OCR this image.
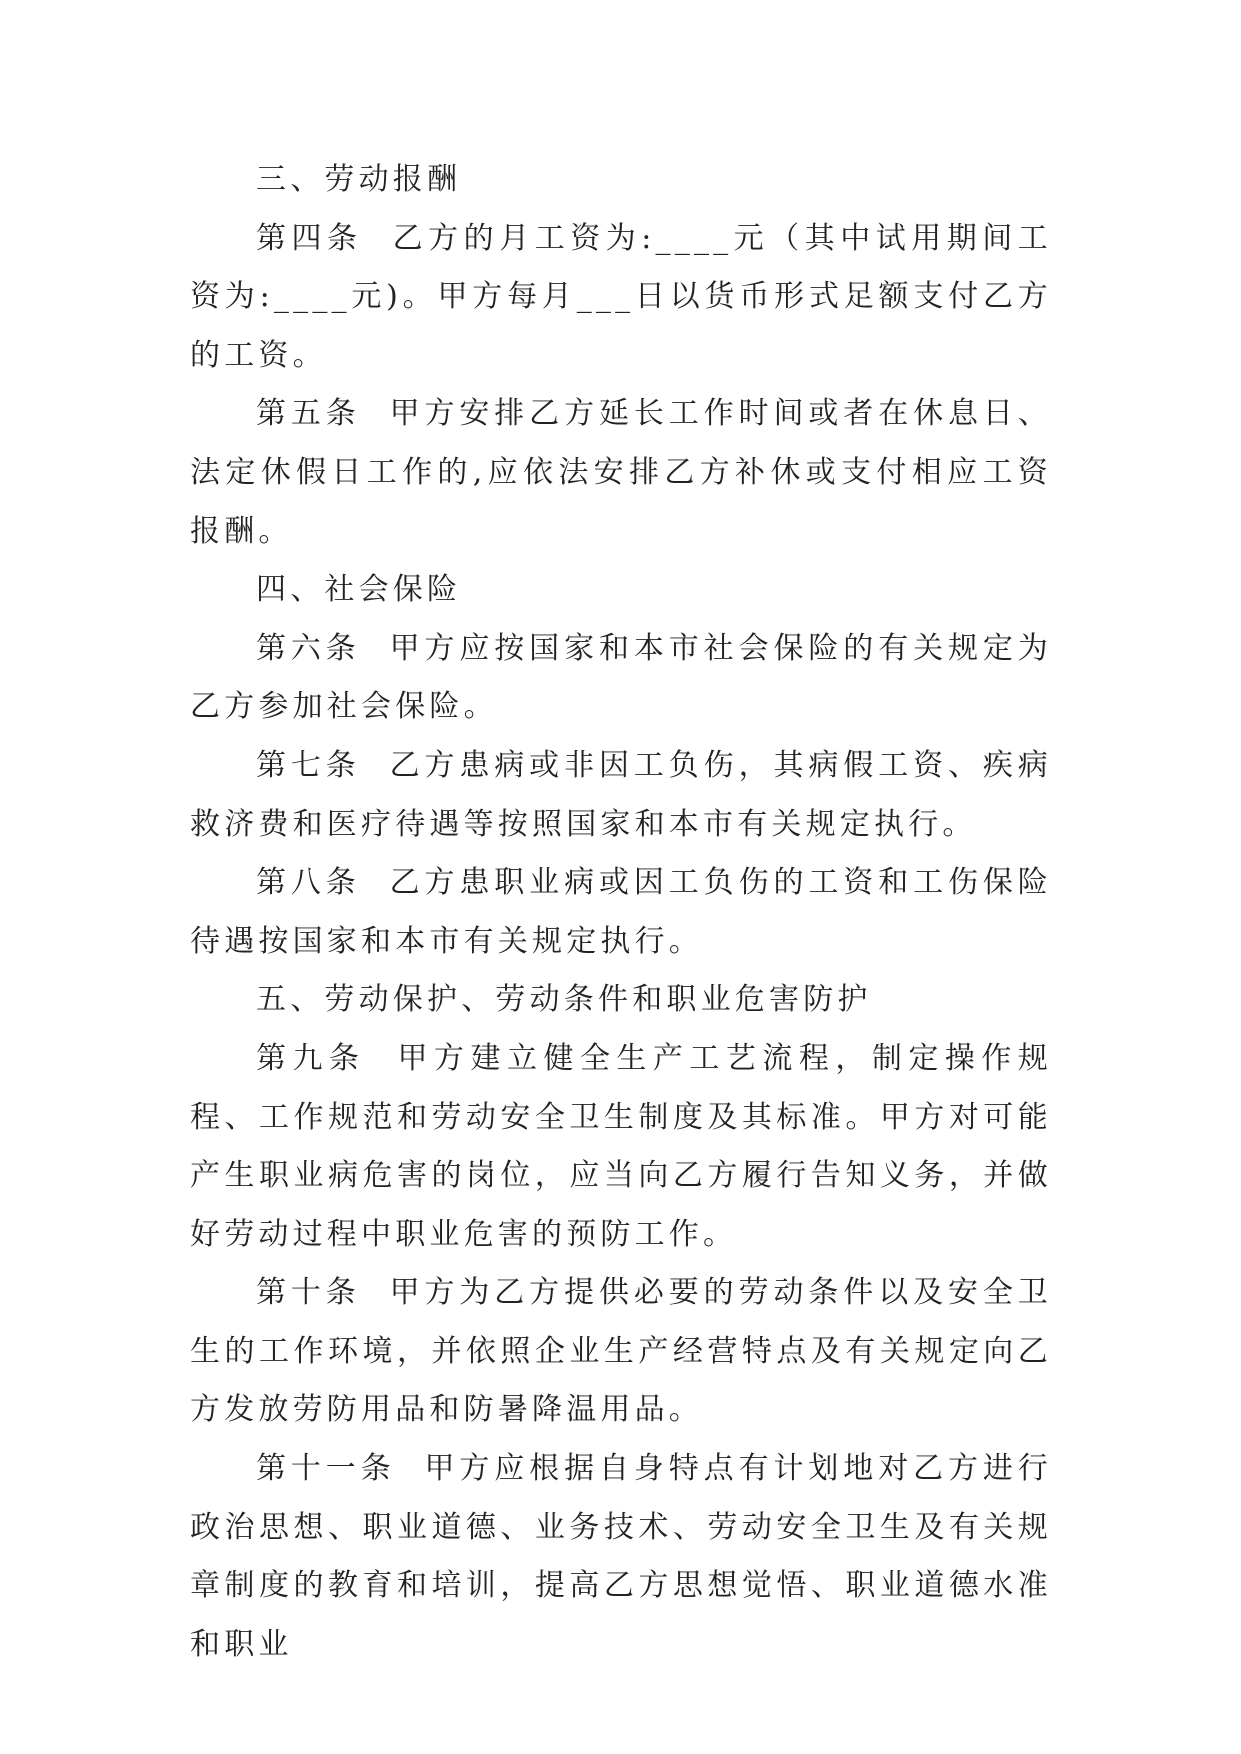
三、劳动报酬

第四条  乙方的月工资为:____元（其中试用期间工资为:____元)。甲方每月___日以货币形式足额支付乙方的工资。

第五条  甲方安排乙方延长工作时间或者在休息日、法定休假日工作的,应依法安排乙方补休或支付相应工资报酬。

四、社会保险

第六条  甲方应按国家和本市社会保险的有关规定为乙方参加社会保险。

第七条  乙方患病或非因工负伤，其病假工资、疾病救济费和医疗待遇等按照国家和本市有关规定执行。

第八条  乙方患职业病或因工负伤的工资和工伤保险待遇按国家和本市有关规定执行。

五、劳动保护、劳动条件和职业危害防护

第九条  甲方建立健全生产工艺流程，制定操作规程、工作规范和劳动安全卫生制度及其标准。甲方对可能产生职业病危害的岗位，应当向乙方履行告知义务，并做好劳动过程中职业危害的预防工作。

第十条  甲方为乙方提供必要的劳动条件以及安全卫生的工作环境，并依照企业生产经营特点及有关规定向乙方发放劳防用品和防暑降温用品。

第十一条  甲方应根据自身特点有计划地对乙方进行政治思想、职业道德、业务技术、劳动安全卫生及有关规章制度的教育和培训，提高乙方思想觉悟、职业道德水准和职业
